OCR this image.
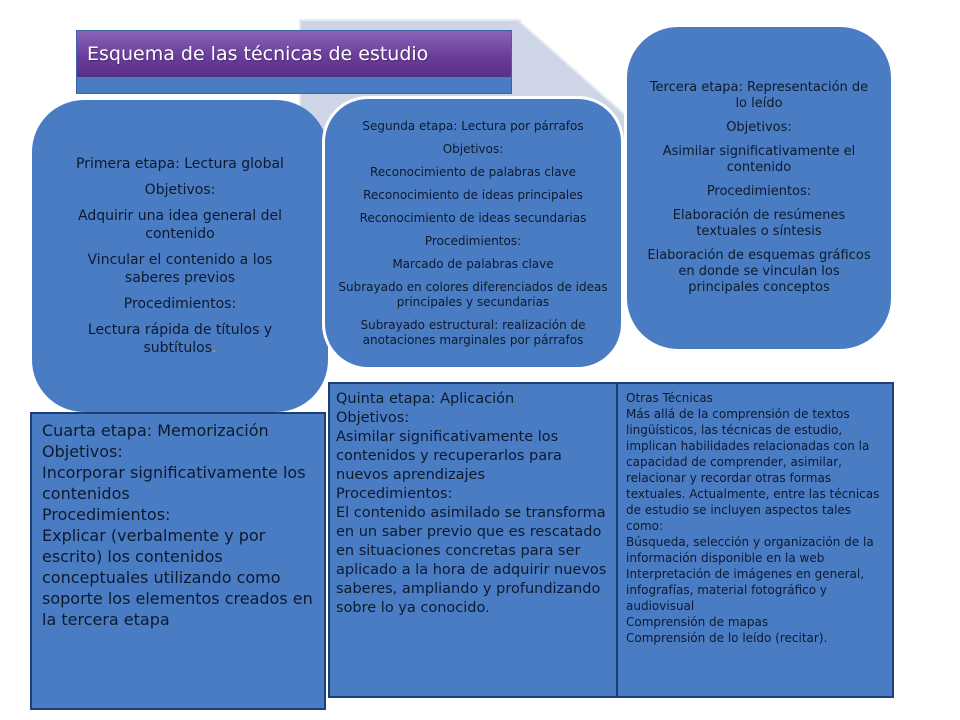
Esquema de las técnicas de estudio

Primera etapa: Lectura global

Objetivos:

Adquirir una idea general del contenido

Vincular el contenido a los saberes previos

Procedimientos:

Lectura rápida de títulos y subtítulos.

Segunda etapa: Lectura por párrafos

Objetivos:

Reconocimiento de palabras clave

Reconocimiento de ideas principales

Reconocimiento de ideas secundarias

Procedimientos:

Marcado de palabras clave

Subrayado en colores diferenciados de ideas principales y secundarias

Subrayado estructural: realización de anotaciones marginales por párrafos

Tercera etapa: Representación de lo leído

Objetivos:

Asimilar significativamente el contenido

Procedimientos:

Elaboración de resúmenes textuales o síntesis

Elaboración de esquemas gráficos en donde se vinculan los principales conceptos

Cuarta etapa: Memorización

Objetivos:

Incorporar significativamente los contenidos

Procedimientos:

Explicar (verbalmente y por escrito) los contenidos conceptuales utilizando como soporte los elementos creados en la tercera etapa

Quinta etapa: Aplicación

Objetivos:

Asimilar significativamente los contenidos y recuperarlos para nuevos aprendizajes

Procedimientos:

El contenido asimilado se transforma en un saber previo que es rescatado en situaciones concretas para ser aplicado a la hora de adquirir nuevos saberes, ampliando y profundizando sobre lo ya conocido.

Otras Técnicas

Más allá de la comprensión de textos lingüísticos, las técnicas de estudio, implican habilidades relacionadas con la capacidad de comprender, asimilar, relacionar y recordar otras formas textuales. Actualmente, entre las técnicas de estudio se incluyen aspectos tales como:

Búsqueda, selección y organización de la información disponible en la web

Interpretación de imágenes en general, infografías, material fotográfico y audiovisual

Comprensión de mapas

Comprensión de lo leído (recitar).
